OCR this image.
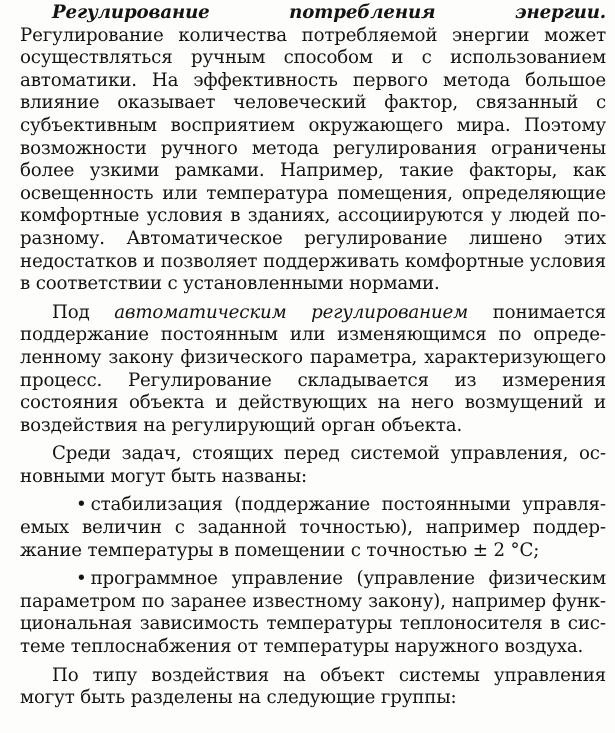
Регулирование потребления энергии. Регулирование количества потребляемой энергии может осуществляться ручным способом и с использованием автоматики. На эффективность первого метода большое влияние оказывает человеческий фактор, связанный с субъективным восприятием окружающего мира. Поэтому возможности ручного метода регулирования ограничены более узкими рамками. Например, такие факторы, как освещенность или температура помещения, определяющие комфортные условия в зданиях, ассоциируются у людей по-разному. Автоматическое регулирование лишено этих недостатков и позволяет поддерживать комфортные условия в соответствии с установленными нормами.

Под автоматическим регулированием понимается поддержание постоянным или изменяющимся по определенному закону физического параметра, характеризующего процесс. Регулирование складывается из измерения состояния объекта и действующих на него возмущений и воздействия на регулирующий орган объекта.

Среди задач, стоящих перед системой управления, основными могут быть названы:

• стабилизация (поддержание постоянными управляемых величин с заданной точностью), например поддержание температуры в помещении с точностью ± 2 °С;

• программное управление (управление физическим параметром по заранее известному закону), например функциональная зависимость температуры теплоносителя в системе теплоснабжения от температуры наружного воздуха.

По типу воздействия на объект системы управления могут быть разделены на следующие группы:
